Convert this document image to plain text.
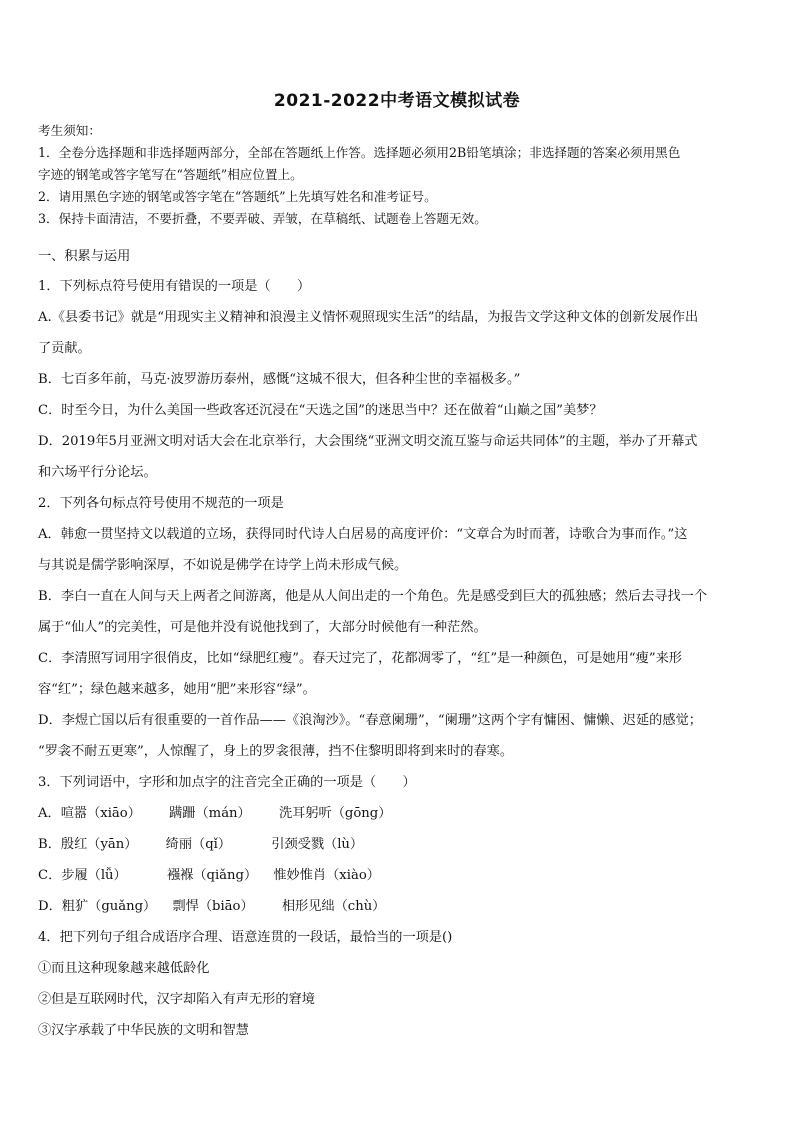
2021-2022中考语文模拟试卷
考生须知：
1．全卷分选择题和非选择题两部分，全部在答题纸上作答。选择题必须用2B铅笔填涂；非选择题的答案必须用黑色
字迹的钢笔或答字笔写在“答题纸”相应位置上。
2．请用黑色字迹的钢笔或答字笔在“答题纸”上先填写姓名和准考证号。
3．保持卡面清洁，不要折叠，不要弄破、弄皱，在草稿纸、试题卷上答题无效。
一、积累与运用
1．下列标点符号使用有错误的一项是（　　）
A.《县委书记》就是“用现实主义精神和浪漫主义情怀观照现实生活”的结晶，为报告文学这种文体的创新发展作出
了贡献。
B．七百多年前，马克·波罗游历泰州，感慨“这城不很大，但各种尘世的幸福极多。”
C．时至今日，为什么美国一些政客还沉浸在“天选之国”的迷思当中？还在做着“山巅之国”美梦？
D．2019年5月亚洲文明对话大会在北京举行，大会围绕“亚洲文明交流互鉴与命运共同体”的主题，举办了开幕式
和六场平行分论坛。
2．下列各句标点符号使用不规范的一项是
A．韩愈一贯坚持文以载道的立场，获得同时代诗人白居易的高度评价：“文章合为时而著，诗歌合为事而作。”这
与其说是儒学影响深厚，不如说是佛学在诗学上尚未形成气候。
B．李白一直在人间与天上两者之间游离，他是从人间出走的一个角色。先是感受到巨大的孤独感；然后去寻找一个
属于“仙人”的完美性，可是他并没有说他找到了，大部分时候他有一种茫然。
C．李清照写词用字很俏皮，比如“绿肥红瘦”。春天过完了，花都凋零了，“红”是一种颜色，可是她用“瘦”来形
容“红”；绿色越来越多，她用“肥”来形容“绿”。
D．李煜亡国以后有很重要的一首作品——《浪淘沙》。“春意阑珊”，“阑珊”这两个字有慵困、慵懒、迟延的感觉；
“罗衾不耐五更寒”，人惊醒了，身上的罗衾很薄，挡不住黎明即将到来时的春寒。
3．下列词语中，字形和加点字的注音完全正确的一项是（　　）
A．喧嚣（xiāo） 蹒跚（mán） 洗耳躬听（gōng）
B．殷红（yān） 绮丽（qǐ）	引颈受戮（lù）
C．步履（lǚ）	襁褓（qiǎng） 惟妙惟肖（xiào）
D．粗犷（guǎng） 剽悍（biāo） 相形见绌（chù）
4．把下列句子组合成语序合理、语意连贯的一段话，最恰当的一项是()
①而且这种现象越来越低龄化
②但是互联网时代，汉字却陷入有声无形的窘境
③汉字承载了中华民族的文明和智慧
